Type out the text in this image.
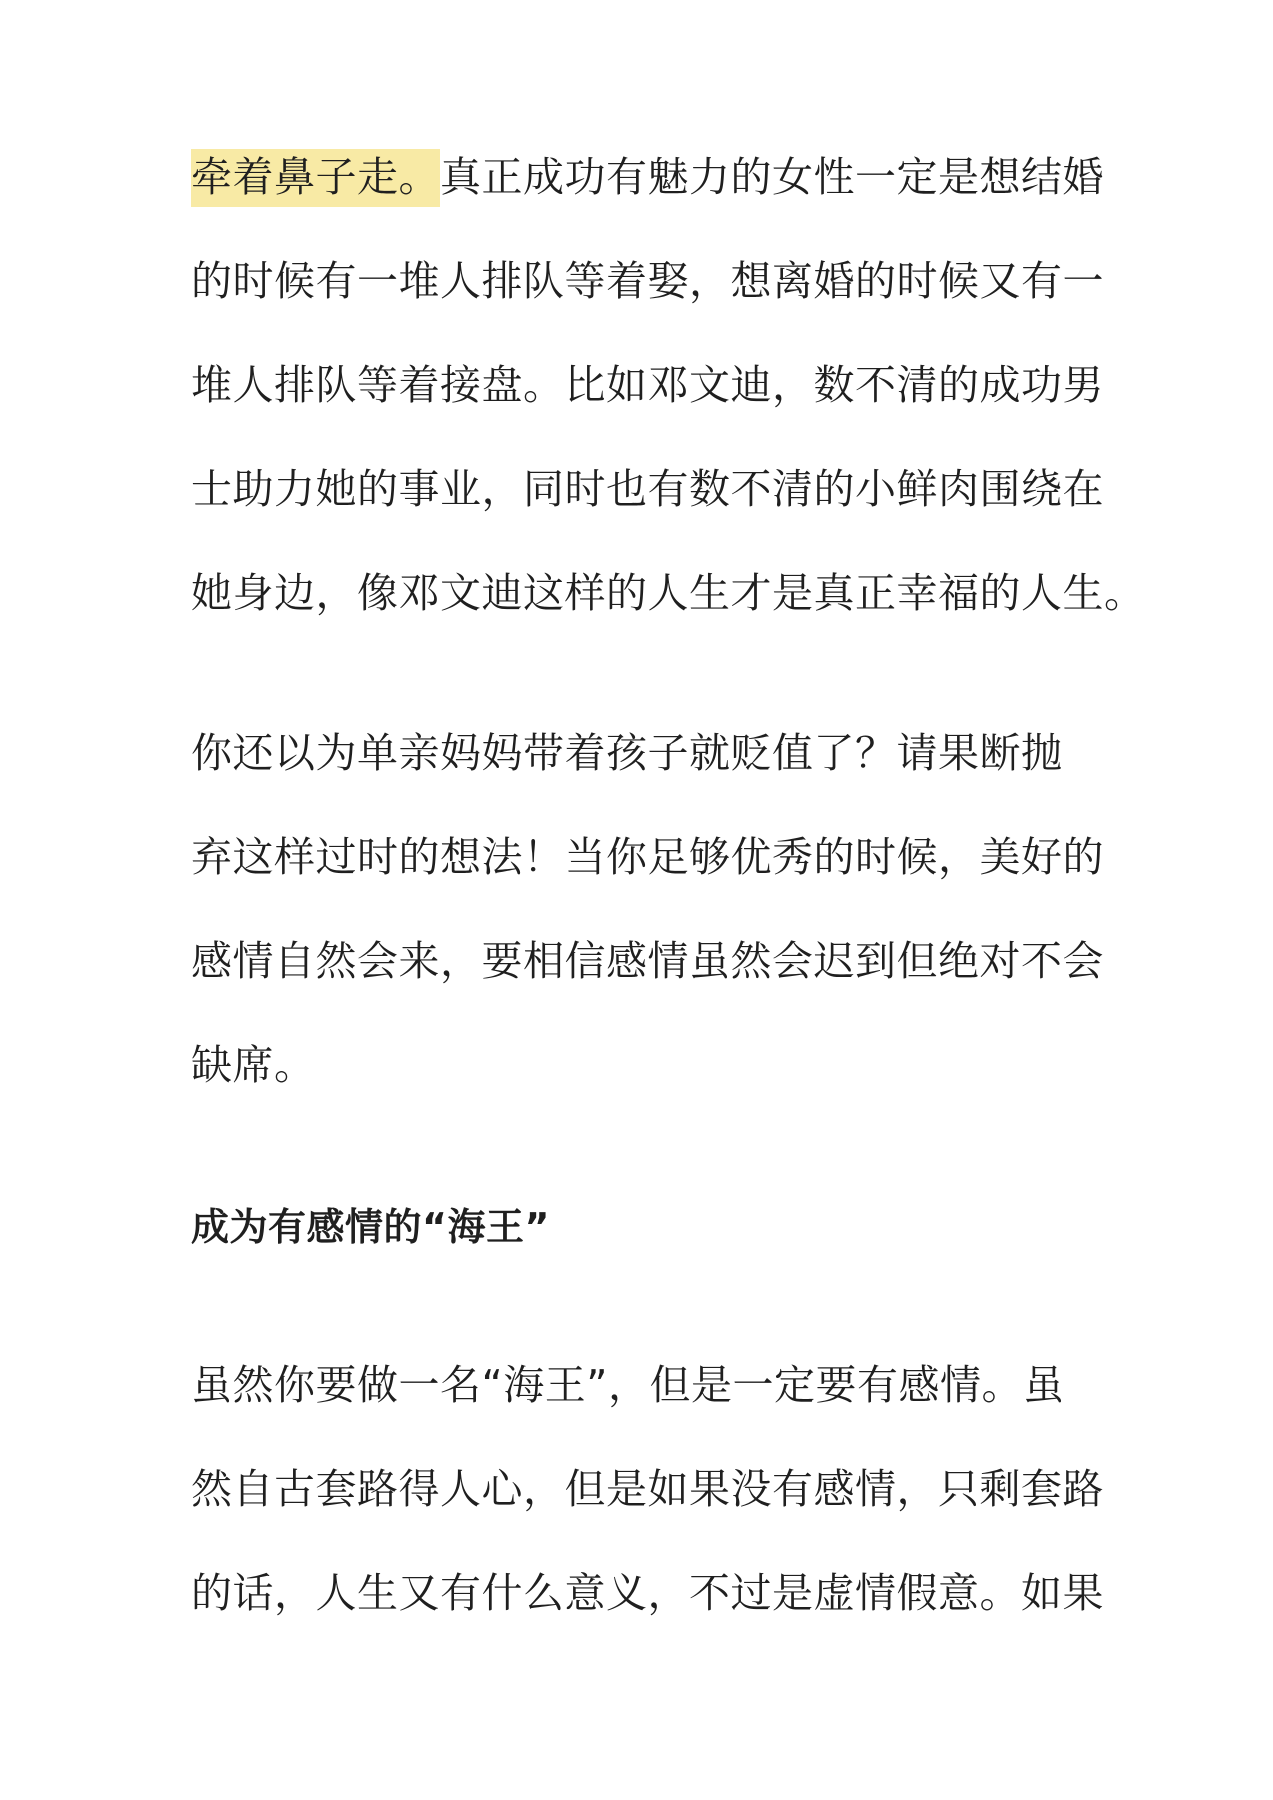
牵着鼻子走。真正成功有魅力的女性一定是想结婚
的时候有一堆人排队等着娶，想离婚的时候又有一
堆人排队等着接盘。比如邓文迪，数不清的成功男
士助力她的事业，同时也有数不清的小鲜肉围绕在
她身边，像邓文迪这样的人生才是真正幸福的人生。
你还以为单亲妈妈带着孩子就贬值了？请果断抛
弃这样过时的想法！当你足够优秀的时候，美好的
感情自然会来，要相信感情虽然会迟到但绝对不会
缺席。
成为有感情的“海王”
虽然你要做一名“海王”，但是一定要有感情。虽
然自古套路得人心，但是如果没有感情，只剩套路
的话，人生又有什么意义，不过是虚情假意。如果
